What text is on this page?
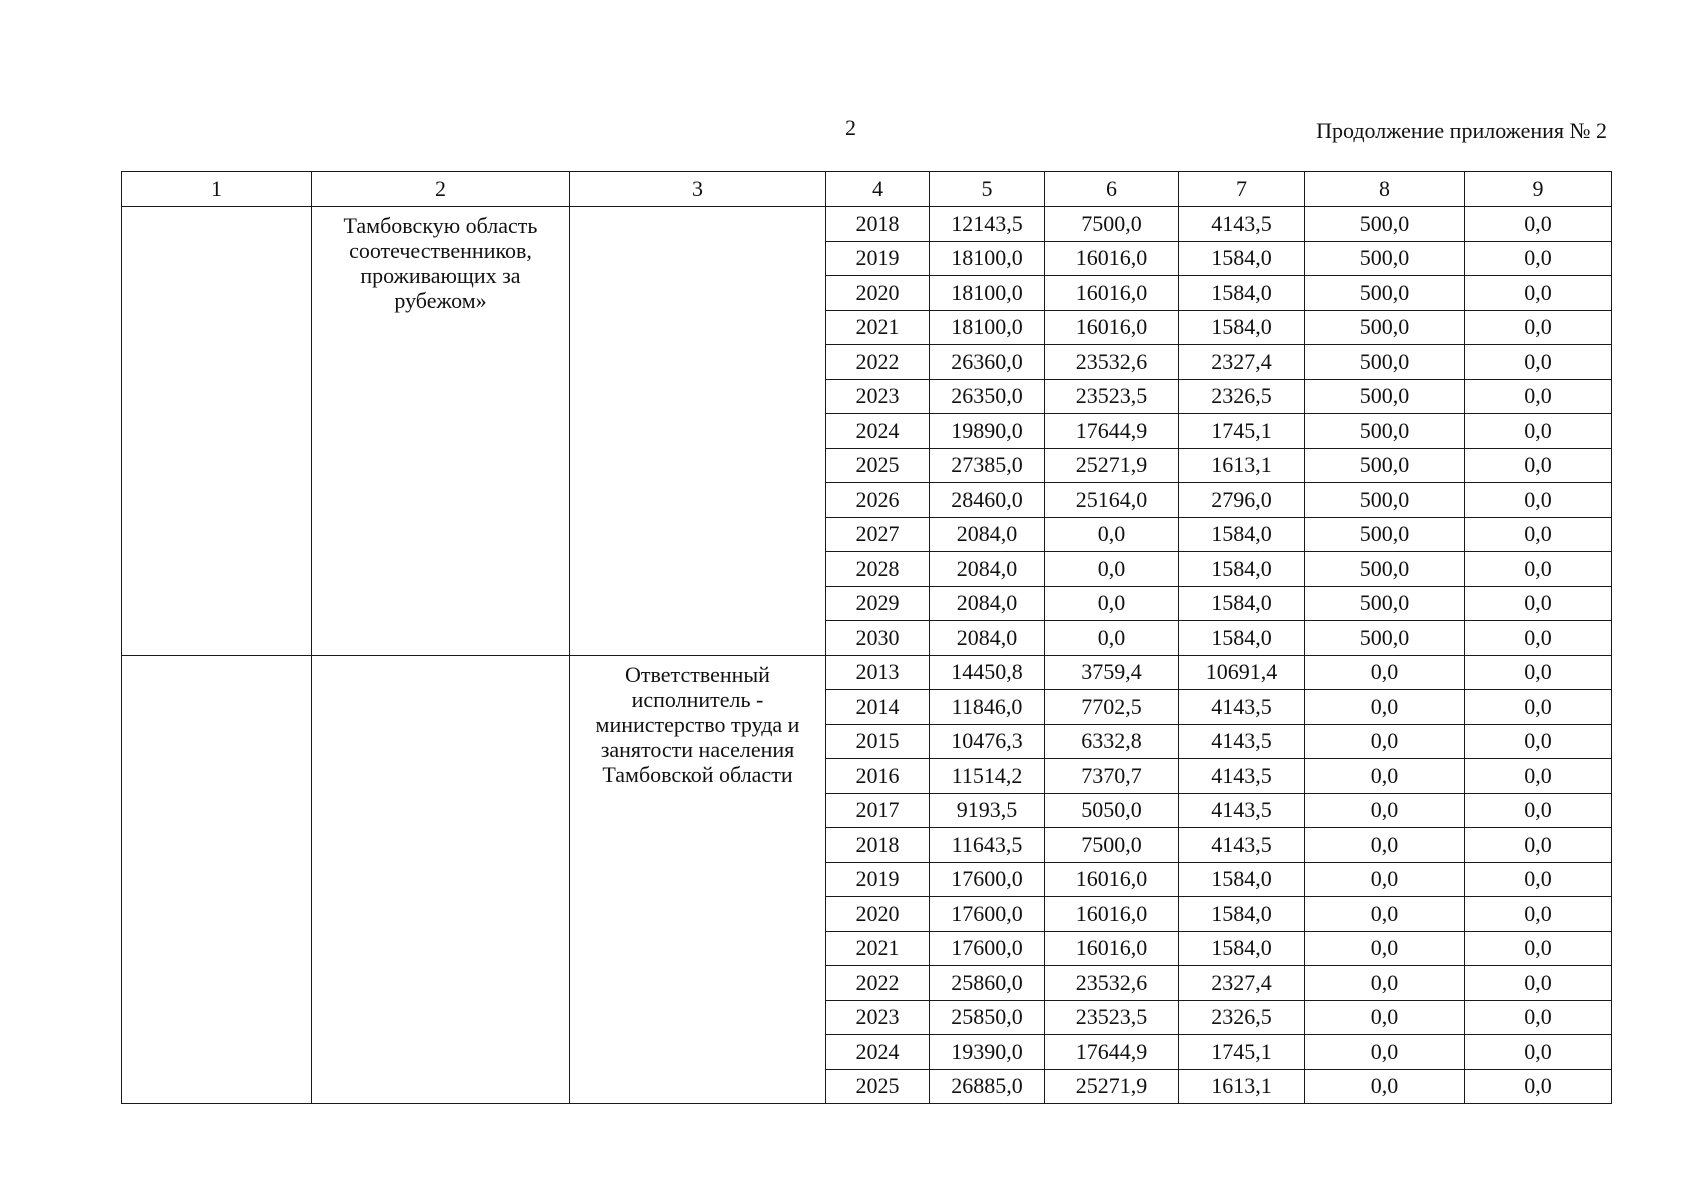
2	Продолжение приложения № 2
1	2	3	4	5	6	7	8	9
	Тамбовскую область соотечественников, проживающих за рубежом»		2018	12143,5	7500,0	4143,5	500,0	0,0
			2019	18100,0	16016,0	1584,0	500,0	0,0
			2020	18100,0	16016,0	1584,0	500,0	0,0
			2021	18100,0	16016,0	1584,0	500,0	0,0
			2022	26360,0	23532,6	2327,4	500,0	0,0
			2023	26350,0	23523,5	2326,5	500,0	0,0
			2024	19890,0	17644,9	1745,1	500,0	0,0
			2025	27385,0	25271,9	1613,1	500,0	0,0
			2026	28460,0	25164,0	2796,0	500,0	0,0
			2027	2084,0	0,0	1584,0	500,0	0,0
			2028	2084,0	0,0	1584,0	500,0	0,0
			2029	2084,0	0,0	1584,0	500,0	0,0
			2030	2084,0	0,0	1584,0	500,0	0,0
		Ответственный исполнитель - министерство труда и занятости населения Тамбовской области	2013	14450,8	3759,4	10691,4	0,0	0,0
			2014	11846,0	7702,5	4143,5	0,0	0,0
			2015	10476,3	6332,8	4143,5	0,0	0,0
			2016	11514,2	7370,7	4143,5	0,0	0,0
			2017	9193,5	5050,0	4143,5	0,0	0,0
			2018	11643,5	7500,0	4143,5	0,0	0,0
			2019	17600,0	16016,0	1584,0	0,0	0,0
			2020	17600,0	16016,0	1584,0	0,0	0,0
			2021	17600,0	16016,0	1584,0	0,0	0,0
			2022	25860,0	23532,6	2327,4	0,0	0,0
			2023	25850,0	23523,5	2326,5	0,0	0,0
			2024	19390,0	17644,9	1745,1	0,0	0,0
			2025	26885,0	25271,9	1613,1	0,0	0,0
